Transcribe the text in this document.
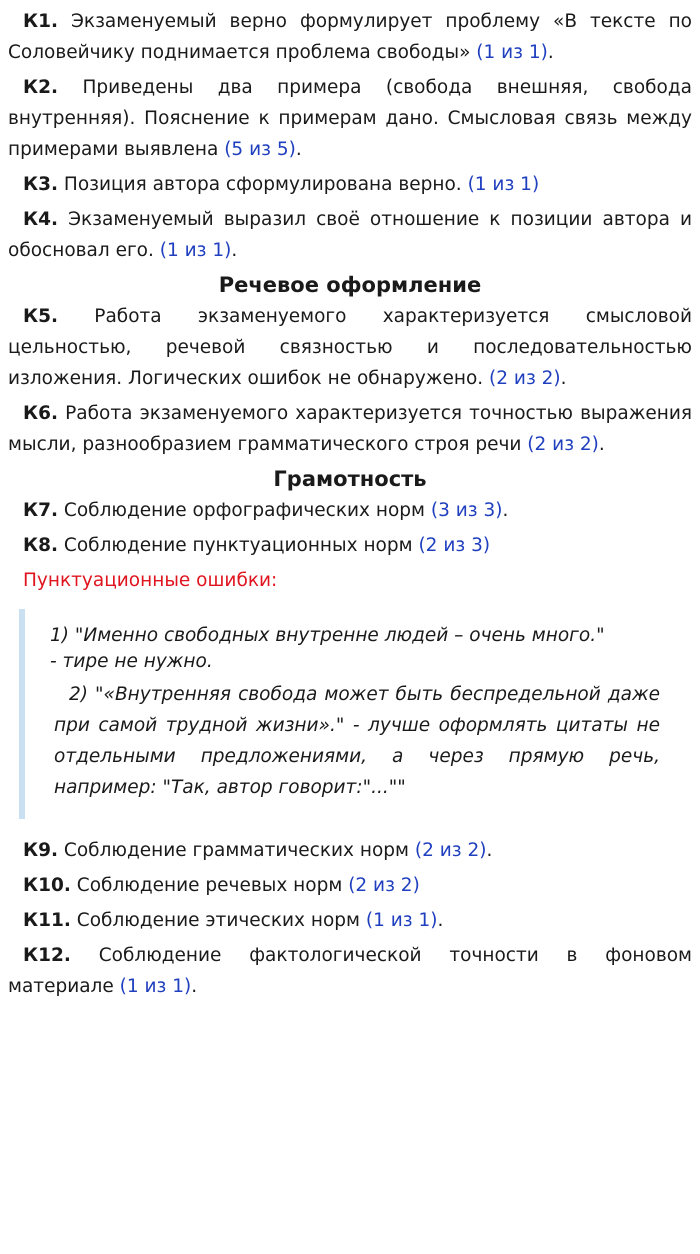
К1. Экзаменуемый верно формулирует проблему «В тексте по Соловейчику поднимается проблема свободы» (1 из 1).

К2. Приведены два примера (свобода внешняя, свобода внутренняя). Пояснение к примерам дано. Смысловая связь между примерами выявлена (5 из 5).

К3. Позиция автора сформулирована верно. (1 из 1)

К4. Экзаменуемый выразил своё отношение к позиции автора и обосновал его. (1 из 1).

Речевое оформление

К5. Работа экзаменуемого характеризуется смысловой цельностью, речевой связностью и последовательностью изложения. Логических ошибок не обнаружено. (2 из 2).

К6. Работа экзаменуемого характеризуется точностью выражения мысли, разнообразием грамматического строя речи (2 из 2).

Грамотность

К7. Соблюдение орфографических норм (3 из 3).

К8. Соблюдение пунктуационных норм (2 из 3)

Пунктуационные ошибки:

1) "Именно свободных внутренне людей – очень много."
- тире не нужно.

2) "«Внутренняя свобода может быть беспредельной даже при самой трудной жизни»." - лучше оформлять цитаты не отдельными предложениями, а через прямую речь, например: "Так, автор говорит:"...""

К9. Соблюдение грамматических норм (2 из 2).

К10. Соблюдение речевых норм (2 из 2)

К11. Соблюдение этических норм (1 из 1).

К12. Соблюдение фактологической точности в фоновом материале (1 из 1).
